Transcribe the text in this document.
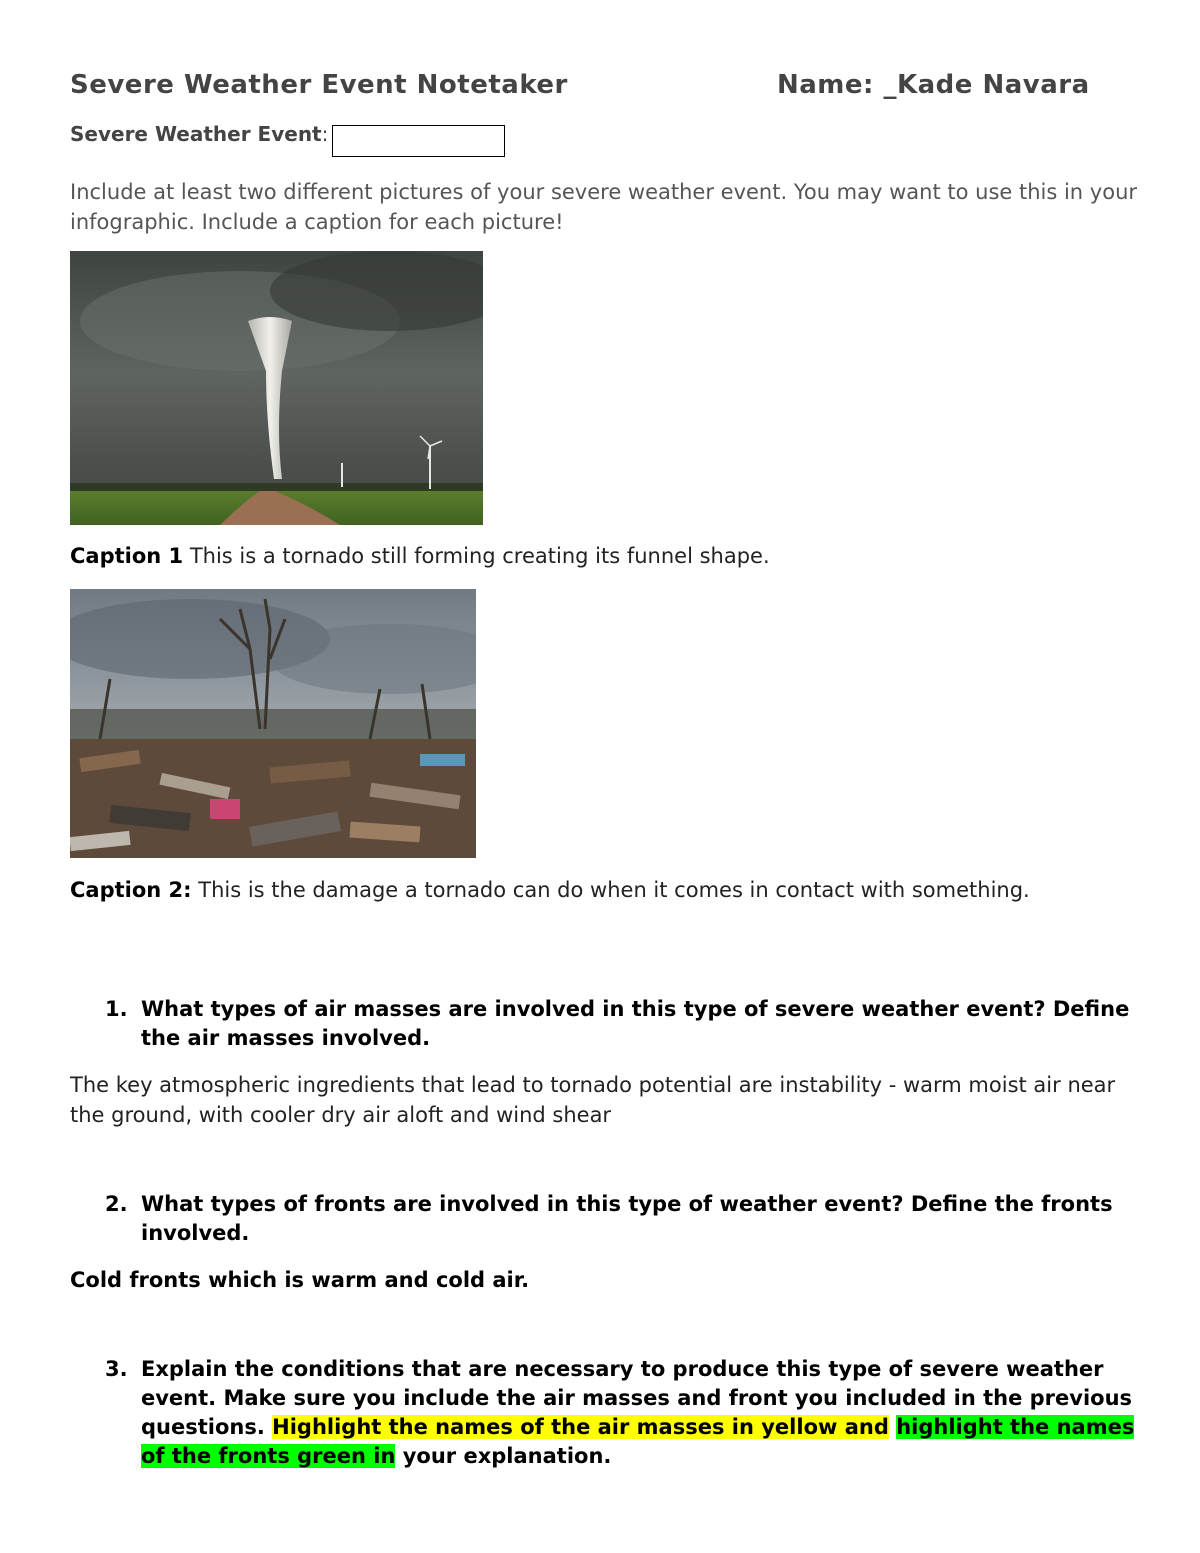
Severe Weather Event Notetaker	Name: _Kade Navara
Severe Weather Event :
Include at least two different pictures of your severe weather event. You may want to use this in your infographic. Include a caption for each picture!
Caption 1 This is a tornado still forming creating its funnel shape.
Caption 2: This is the damage a tornado can do when it comes in contact with something.
1. What types of air masses are involved in this type of severe weather event? Define the air masses involved.
The key atmospheric ingredients that lead to tornado potential are instability - warm moist air near the ground, with cooler dry air aloft and wind shear
2. What types of fronts are involved in this type of weather event? Define the fronts involved.
Cold fronts which is warm and cold air.
3. Explain the conditions that are necessary to produce this type of severe weather event. Make sure you include the air masses and front you included in the previous questions. Highlight the names of the air masses in yellow and highlight the names of the fronts green in your explanation.
